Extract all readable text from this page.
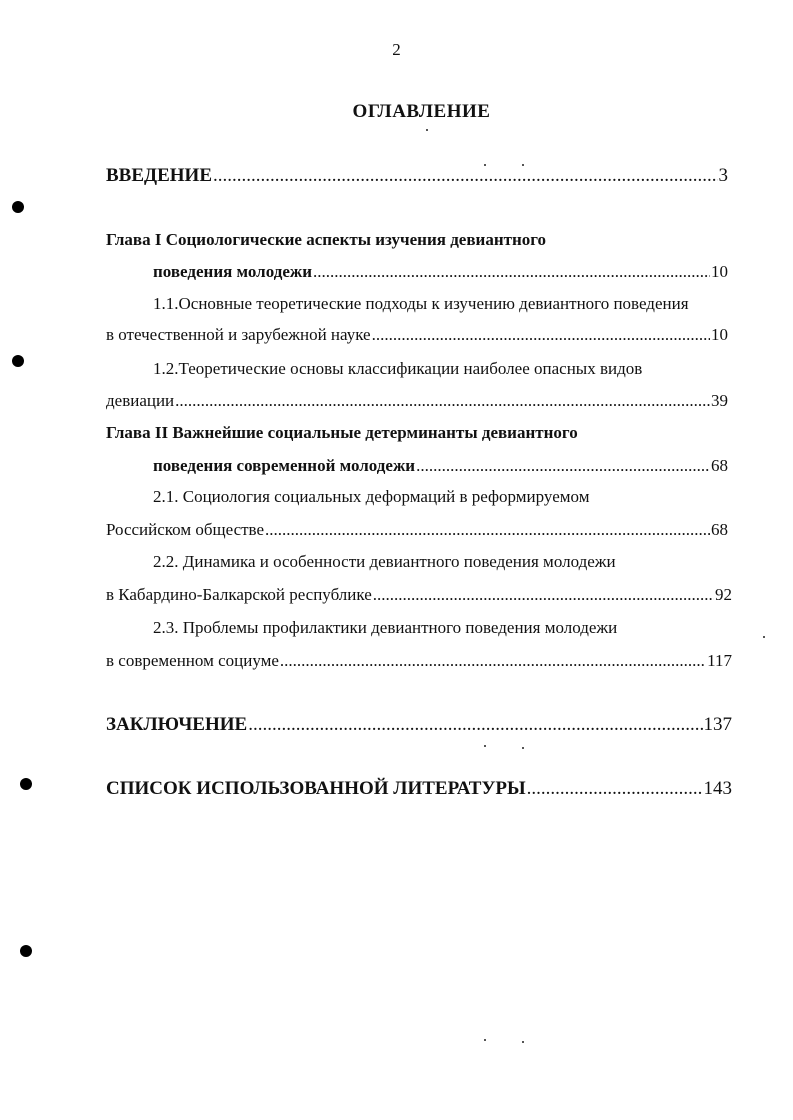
2
ОГЛАВЛЕНИЕ
ВВЕДЕНИЕ .....	3
Глава I Социологические аспекты изучения девиантного
поведения молодежи .....	10
1.1.Основные теоретические подходы к изучению девиантного поведения
в отечественной и зарубежной науке .....	10
1.2.Теоретические основы классификации наиболее опасных видов
девиации .....	39
Глава II Важнейшие социальные детерминанты девиантного
поведения современной молодежи .....	68
2.1. Социология социальных деформаций в реформируемом
Российском обществе .....	68
2.2. Динамика и особенности девиантного поведения молодежи
в Кабардино-Балкарской республике .....	92
2.3. Проблемы профилактики девиантного поведения молодежи
в современном социуме .....	117
ЗАКЛЮЧЕНИЕ .....	137
СПИСОК ИСПОЛЬЗОВАННОЙ ЛИТЕРАТУРЫ .....	143
